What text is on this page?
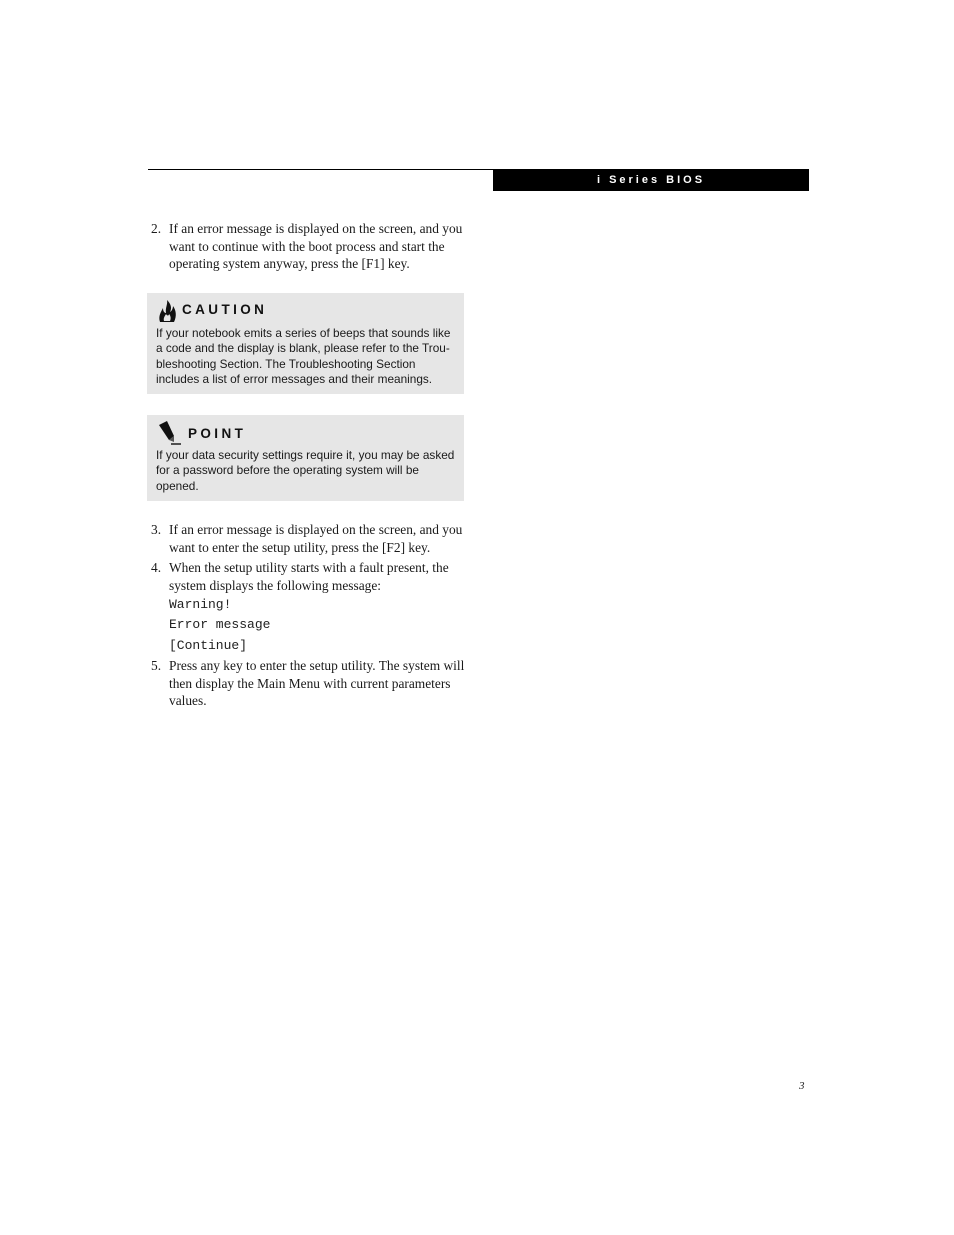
i Series BIOS
2. If an error message is displayed on the screen, and you want to continue with the boot process and start the operating system anyway, press the [F1] key.
CAUTION
If your notebook emits a series of beeps that sounds like a code and the display is blank, please refer to the Trou-bleshooting Section. The Troubleshooting Section includes a list of error messages and their meanings.
POINT
If your data security settings require it, you may be asked for a password before the operating system will be opened.
3. If an error message is displayed on the screen, and you want to enter the setup utility, press the [F2] key.
4. When the setup utility starts with a fault present, the system displays the following message:
Warning!
Error message
[Continue]
5. Press any key to enter the setup utility. The system will then display the Main Menu with current parameters values.
3
